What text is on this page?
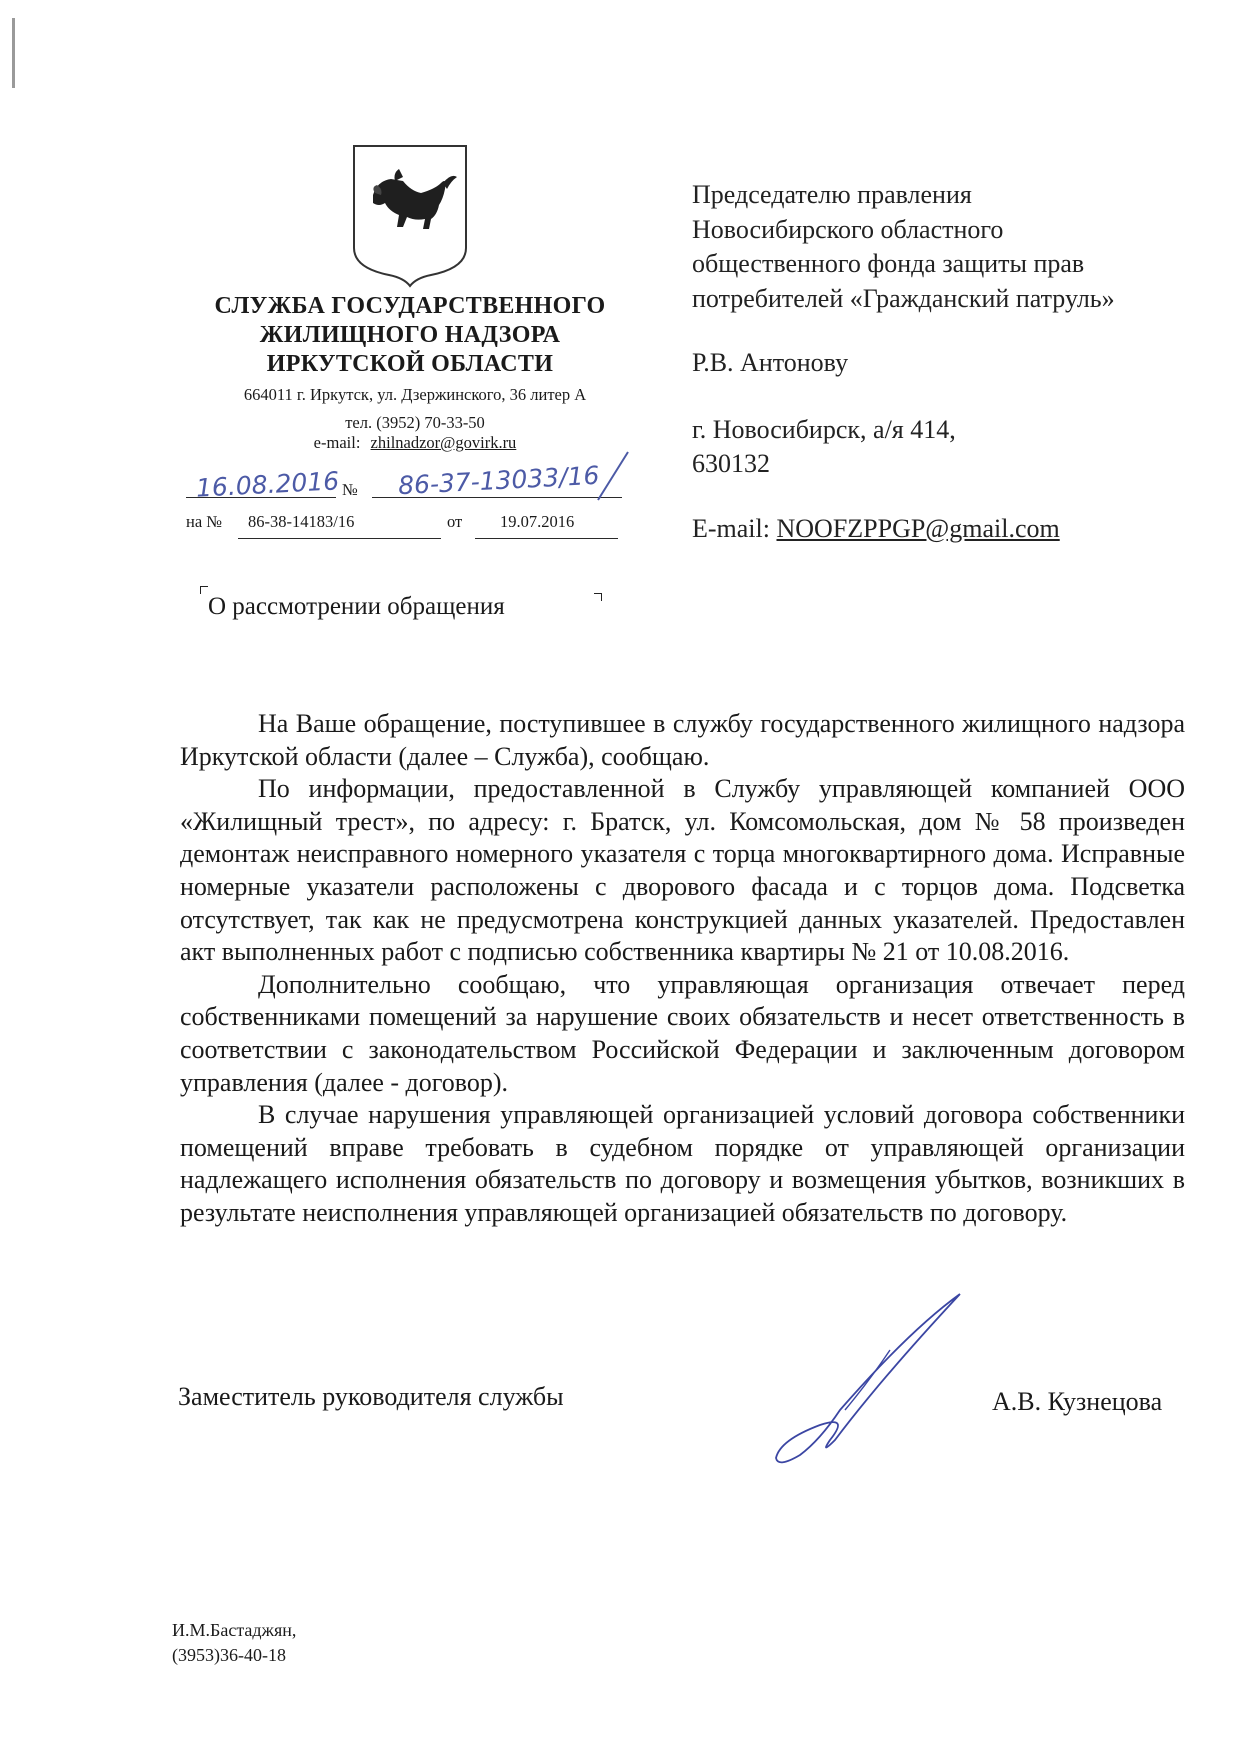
СЛУЖБА ГОСУДАРСТВЕННОГО
ЖИЛИЩНОГО НАДЗОРА
ИРКУТСКОЙ ОБЛАСТИ
664011 г. Иркутск, ул. Дзержинского, 36 литер А
тел. (3952) 70-33-50
e-mail: zhilnadzor@govirk.ru
16.08.2016 № 86-37-13033/16
на № 86-38-14183/16	от 19.07.2016
Председателю правления
Новосибирского областного
общественного фонда защиты прав
потребителей «Гражданский патруль»
Р.В. Антонову
г. Новосибирск, а/я 414,
630132
E-mail: NOOFZPPGP@gmail.com
О рассмотрении обращения

На Ваше обращение, поступившее в службу государственного жилищного надзора Иркутской области (далее – Служба), сообщаю.

По информации, предоставленной в Службу управляющей компанией ООО «Жилищный трест», по адресу: г. Братск, ул. Комсомольская, дом № 58 произведен демонтаж неисправного номерного указателя с торца многоквартирного дома. Исправные номерные указатели расположены с дворового фасада и с торцов дома. Подсветка отсутствует, так как не предусмотрена конструкцией данных указателей. Предоставлен акт выполненных работ с подписью собственника квартиры № 21 от 10.08.2016.

Дополнительно сообщаю, что управляющая организация отвечает перед собственниками помещений за нарушение своих обязательств и несет ответственность в соответствии с законодательством Российской Федерации и заключенным договором управления (далее - договор).

В случае нарушения управляющей организацией условий договора собственники помещений вправе требовать в судебном порядке от управляющей организации надлежащего исполнения обязательств по договору и возмещения убытков, возникших в результате неисполнения управляющей организацией обязательств по договору.

Заместитель руководителя службы	А.В. Кузнецова
И.М.Бастаджян,
(3953)36-40-18
